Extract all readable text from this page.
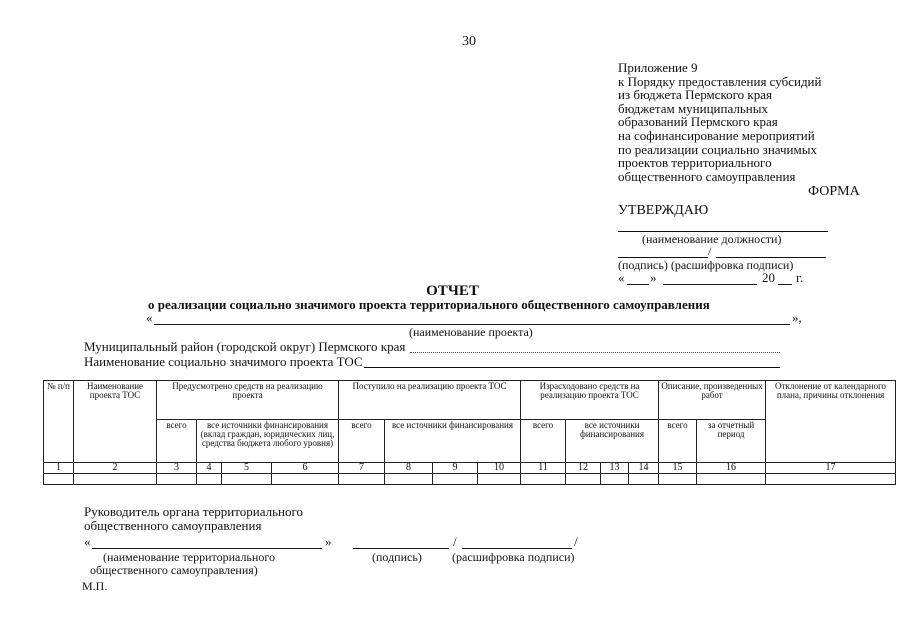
30
Приложение 9
к Порядку предоставления субсидий
из бюджета Пермского края
бюджетам муниципальных
образований Пермского края
на софинансирование мероприятий
по реализации социально значимых
проектов территориального
общественного самоуправления
ФОРМА
УТВЕРЖДАЮ
(наименование должности)
/
(подпись) (расшифровка подписи)
« »	20 г.
ОТЧЕТ
о реализации социально значимого проекта территориального общественного самоуправления
«	»,
(наименование проекта)
Муниципальный район (городской округ) Пермского края
Наименование социально значимого проекта ТОС
№ п/п	Наименование проекта ТОС	Предусмотрено средств на реализацию проекта				Поступило на реализацию проекта ТОС				Израсходовано средств на реализацию проекта ТОС				Описание, произведенных работ		Отклонение от календарного плана, причины отклонения
		всего	все источники финансирования (вклад граждан, юридических лиц, средства бюджета любого уровня)			всего	все источники финансирования			всего	все источники финансирования			всего	за отчетный период	
1	2	3	4	5	6	7	8	9	10	11	12	13	14	15	16	17

Руководитель органа территориального
общественного самоуправления
«	»	/	/
(наименование территориального
общественного самоуправления)
(подпись)	(расшифровка подписи)
М.П.
